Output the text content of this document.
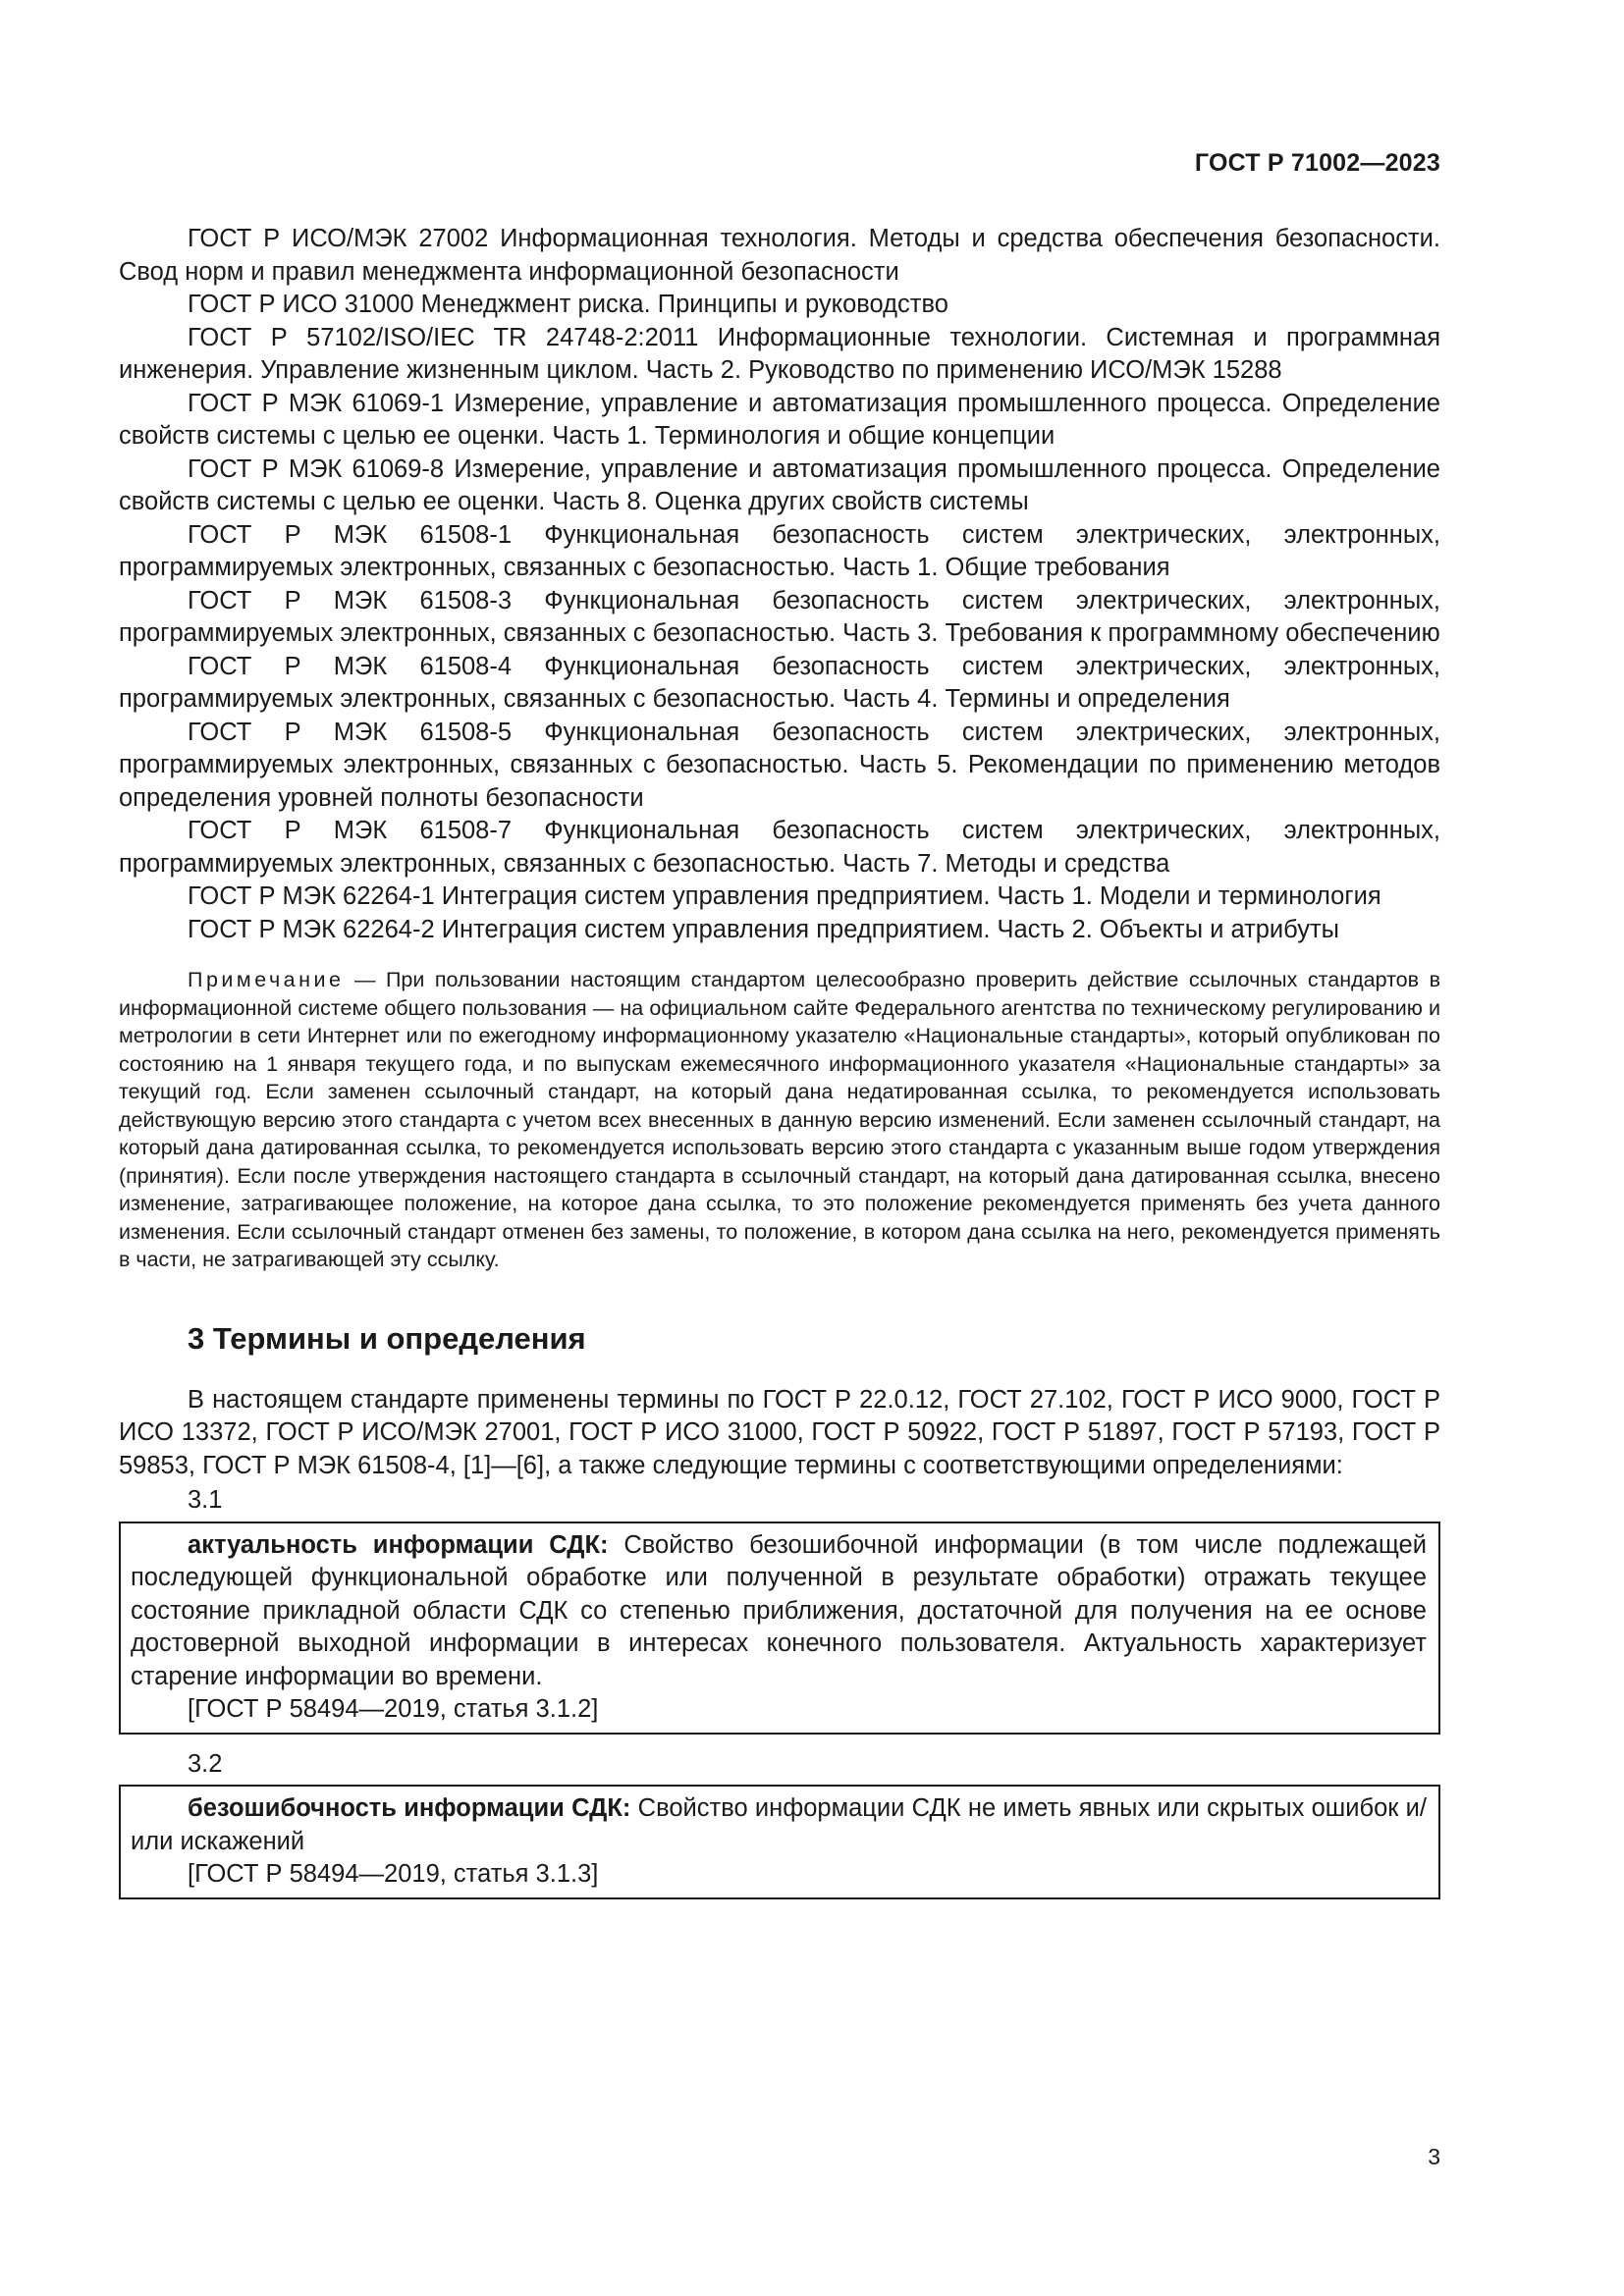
ГОСТ Р 71002—2023

ГОСТ Р ИСО/МЭК 27002 Информационная технология. Методы и средства обеспечения безопасности. Свод норм и правил менеджмента информационной безопасности

ГОСТ Р ИСО 31000 Менеджмент риска. Принципы и руководство

ГОСТ Р 57102/ISO/IEC TR 24748-2:2011 Информационные технологии. Системная и программная инженерия. Управление жизненным циклом. Часть 2. Руководство по применению ИСО/МЭК 15288

ГОСТ Р МЭК 61069-1 Измерение, управление и автоматизация промышленного процесса. Определение свойств системы с целью ее оценки. Часть 1. Терминология и общие концепции

ГОСТ Р МЭК 61069-8 Измерение, управление и автоматизация промышленного процесса. Определение свойств системы с целью ее оценки. Часть 8. Оценка других свойств системы

ГОСТ Р МЭК 61508-1 Функциональная безопасность систем электрических, электронных, программируемых электронных, связанных с безопасностью. Часть 1. Общие требования

ГОСТ Р МЭК 61508-3 Функциональная безопасность систем электрических, электронных, программируемых электронных, связанных с безопасностью. Часть 3. Требования к программному обеспечению

ГОСТ Р МЭК 61508-4 Функциональная безопасность систем электрических, электронных, программируемых электронных, связанных с безопасностью. Часть 4. Термины и определения

ГОСТ Р МЭК 61508-5 Функциональная безопасность систем электрических, электронных, программируемых электронных, связанных с безопасностью. Часть 5. Рекомендации по применению методов определения уровней полноты безопасности

ГОСТ Р МЭК 61508-7 Функциональная безопасность систем электрических, электронных, программируемых электронных, связанных с безопасностью. Часть 7. Методы и средства

ГОСТ Р МЭК 62264-1 Интеграция систем управления предприятием. Часть 1. Модели и терминология

ГОСТ Р МЭК 62264-2 Интеграция систем управления предприятием. Часть 2. Объекты и атрибуты

Примечание — При пользовании настоящим стандартом целесообразно проверить действие ссылочных стандартов в информационной системе общего пользования — на официальном сайте Федерального агентства по техническому регулированию и метрологии в сети Интернет или по ежегодному информационному указателю «Национальные стандарты», который опубликован по состоянию на 1 января текущего года, и по выпускам ежемесячного информационного указателя «Национальные стандарты» за текущий год. Если заменен ссылочный стандарт, на который дана недатированная ссылка, то рекомендуется использовать действующую версию этого стандарта с учетом всех внесенных в данную версию изменений. Если заменен ссылочный стандарт, на который дана датированная ссылка, то рекомендуется использовать версию этого стандарта с указанным выше годом утверждения (принятия). Если после утверждения настоящего стандарта в ссылочный стандарт, на который дана датированная ссылка, внесено изменение, затрагивающее положение, на которое дана ссылка, то это положение рекомендуется применять без учета данного изменения. Если ссылочный стандарт отменен без замены, то положение, в котором дана ссылка на него, рекомендуется применять в части, не затрагивающей эту ссылку.
3 Термины и определения
В настоящем стандарте применены термины по ГОСТ Р 22.0.12, ГОСТ 27.102, ГОСТ Р ИСО 9000, ГОСТ Р ИСО 13372, ГОСТ Р ИСО/МЭК 27001, ГОСТ Р ИСО 31000, ГОСТ Р 50922, ГОСТ Р 51897, ГОСТ Р 57193, ГОСТ Р 59853, ГОСТ Р МЭК 61508-4, [1]—[6], а также следующие термины с соответствующими определениями:
3.1

актуальность информации СДК: Свойство безошибочной информации (в том числе подлежащей последующей функциональной обработке или полученной в результате обработки) отражать текущее состояние прикладной области СДК со степенью приближения, достаточной для получения на ее основе достоверной выходной информации в интересах конечного пользователя. Актуальность характеризует старение информации во времени.

[ГОСТ Р 58494—2019, статья 3.1.2]

3.2

безошибочность информации СДК: Свойство информации СДК не иметь явных или скрытых ошибок и/или искажений

[ГОСТ Р 58494—2019, статья 3.1.3]

3
